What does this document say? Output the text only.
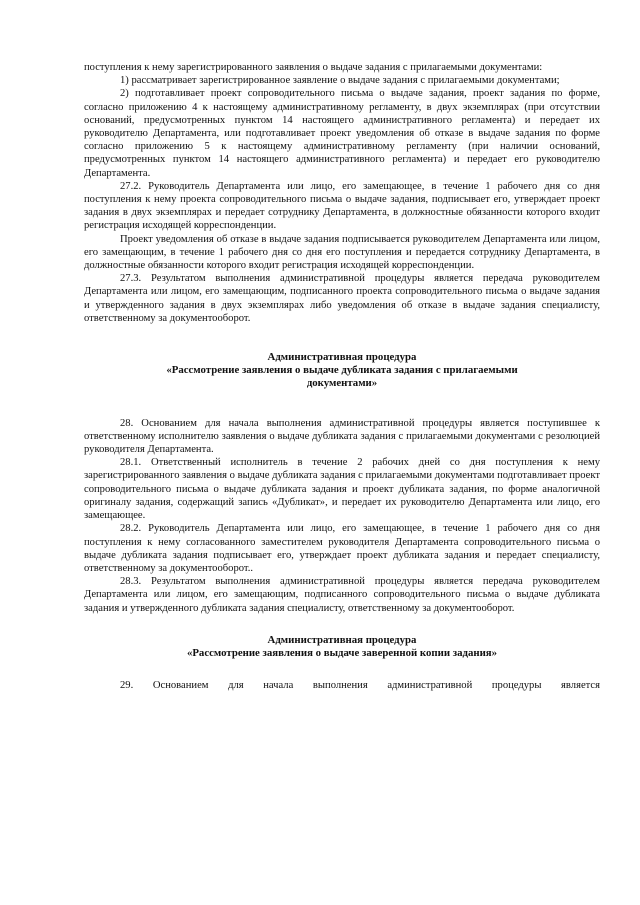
поступления к нему зарегистрированного заявления о выдаче задания с прилагаемыми документами:

1) рассматривает зарегистрированное заявление о выдаче задания с прилагаемыми документами;

2) подготавливает проект сопроводительного письма о выдаче задания, проект задания по форме, согласно приложению 4 к настоящему административному регламенту, в двух экземплярах (при отсутствии оснований, предусмотренных пунктом 14 настоящего административного регламента) и передает их руководителю Департамента, или подготавливает проект уведомления об отказе в выдаче задания по форме согласно приложению 5 к настоящему административному регламенту (при наличии оснований, предусмотренных пунктом 14 настоящего административного регламента) и передает его руководителю Департамента.

27.2. Руководитель Департамента или лицо, его замещающее, в течение 1 рабочего дня со дня поступления к нему проекта сопроводительного письма о выдаче задания, подписывает его, утверждает проект задания в двух экземплярах и передает сотруднику Департамента, в должностные обязанности которого входит регистрация исходящей корреспонденции.

Проект уведомления об отказе в выдаче задания подписывается руководителем Департамента или лицом, его замещающим, в течение 1 рабочего дня со дня его поступления и передается сотруднику Департамента, в должностные обязанности которого входит регистрация исходящей корреспонденции.

27.3. Результатом выполнения административной процедуры является передача руководителем Департамента или лицом, его замещающим, подписанного проекта сопроводительного письма о выдаче задания и утвержденного задания в двух экземплярах либо уведомления об отказе в выдаче задания специалисту, ответственному за документооборот.

Административная процедура

«Рассмотрение заявления о выдаче дубликата задания с прилагаемыми документами»

28. Основанием для начала выполнения административной процедуры является поступившее к ответственному исполнителю заявления о выдаче дубликата задания с прилагаемыми документами с резолюцией руководителя Департамента.

28.1. Ответственный исполнитель в течение 2 рабочих дней со дня поступления к нему зарегистрированного заявления о выдаче дубликата задания с прилагаемыми документами подготавливает проект сопроводительного письма о выдаче дубликата задания и проект дубликата задания, по форме аналогичной оригиналу задания, содержащий запись «Дубликат», и передает их руководителю Департамента или лицо, его замещающее.

28.2. Руководитель Департамента или лицо, его замещающее, в течение 1 рабочего дня со дня поступления к нему согласованного заместителем руководителя Департамента сопроводительного письма о выдаче дубликата задания подписывает его, утверждает проект дубликата задания и передает специалисту, ответственному за документооборот..

28.3. Результатом выполнения административной процедуры является передача руководителем Департамента или лицом, его замещающим, подписанного сопроводительного письма о выдаче дубликата задания и утвержденного дубликата задания специалисту, ответственному за документооборот.

Административная процедура

«Рассмотрение заявления о выдаче заверенной копии задания»

29. Основанием для начала выполнения административной процедуры является
